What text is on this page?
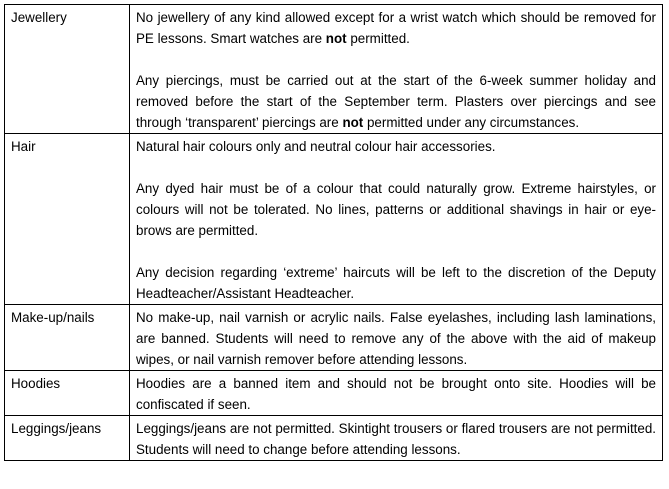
Jewellery	No jewellery of any kind allowed except for a wrist watch which should be removed for PE lessons. Smart watches are not permitted.

Any piercings, must be carried out at the start of the 6-week summer holiday and removed before the start of the September term. Plasters over piercings and see through ‘transparent’ piercings are not permitted under any circumstances.

Hair	Natural hair colours only and neutral colour hair accessories.

Any dyed hair must be of a colour that could naturally grow. Extreme hairstyles, or colours will not be tolerated. No lines, patterns or additional shavings in hair or eye-brows are permitted.

Any decision regarding ‘extreme’ haircuts will be left to the discretion of the Deputy Headteacher/Assistant Headteacher.

Make-up/nails	No make-up, nail varnish or acrylic nails. False eyelashes, including lash laminations, are banned. Students will need to remove any of the above with the aid of makeup wipes, or nail varnish remover before attending lessons.

Hoodies	Hoodies are a banned item and should not be brought onto site. Hoodies will be confiscated if seen.

Leggings/jeans	Leggings/jeans are not permitted. Skintight trousers or flared trousers are not permitted. Students will need to change before attending lessons.
